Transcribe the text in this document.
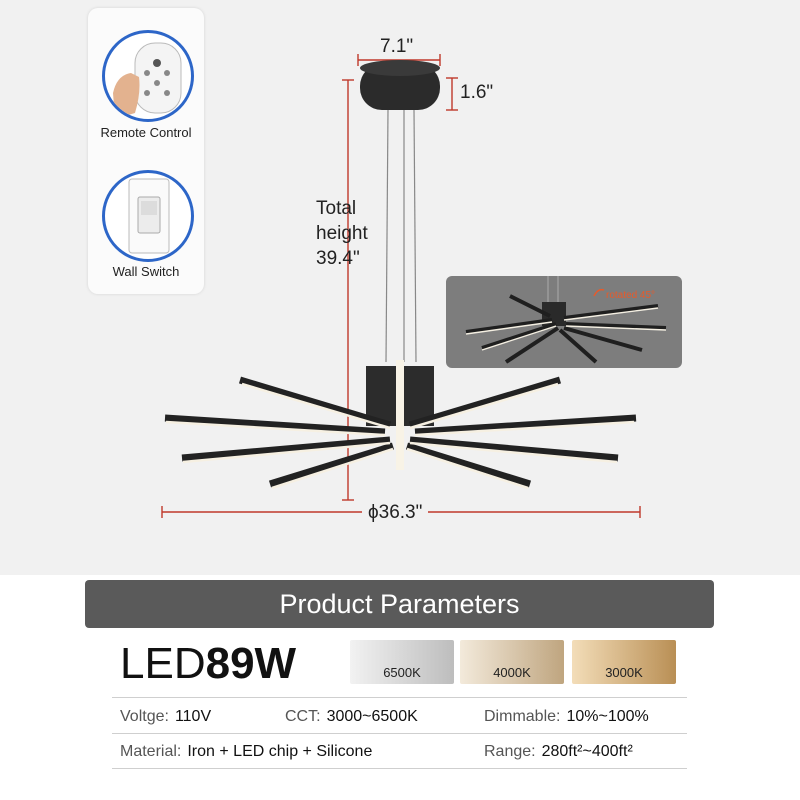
Remote Control
Wall Switch
7.1"
1.6"
Total
height
39.4"
ϕ36.3"
rotated 45°
Product Parameters
LED89W	6500K	4000K	3000K
Voltge: 110V	CCT: 3000~6500K	Dimmable: 10%~100%
Material: Iron + LED chip + Silicone	Range: 280ft²~400ft²
